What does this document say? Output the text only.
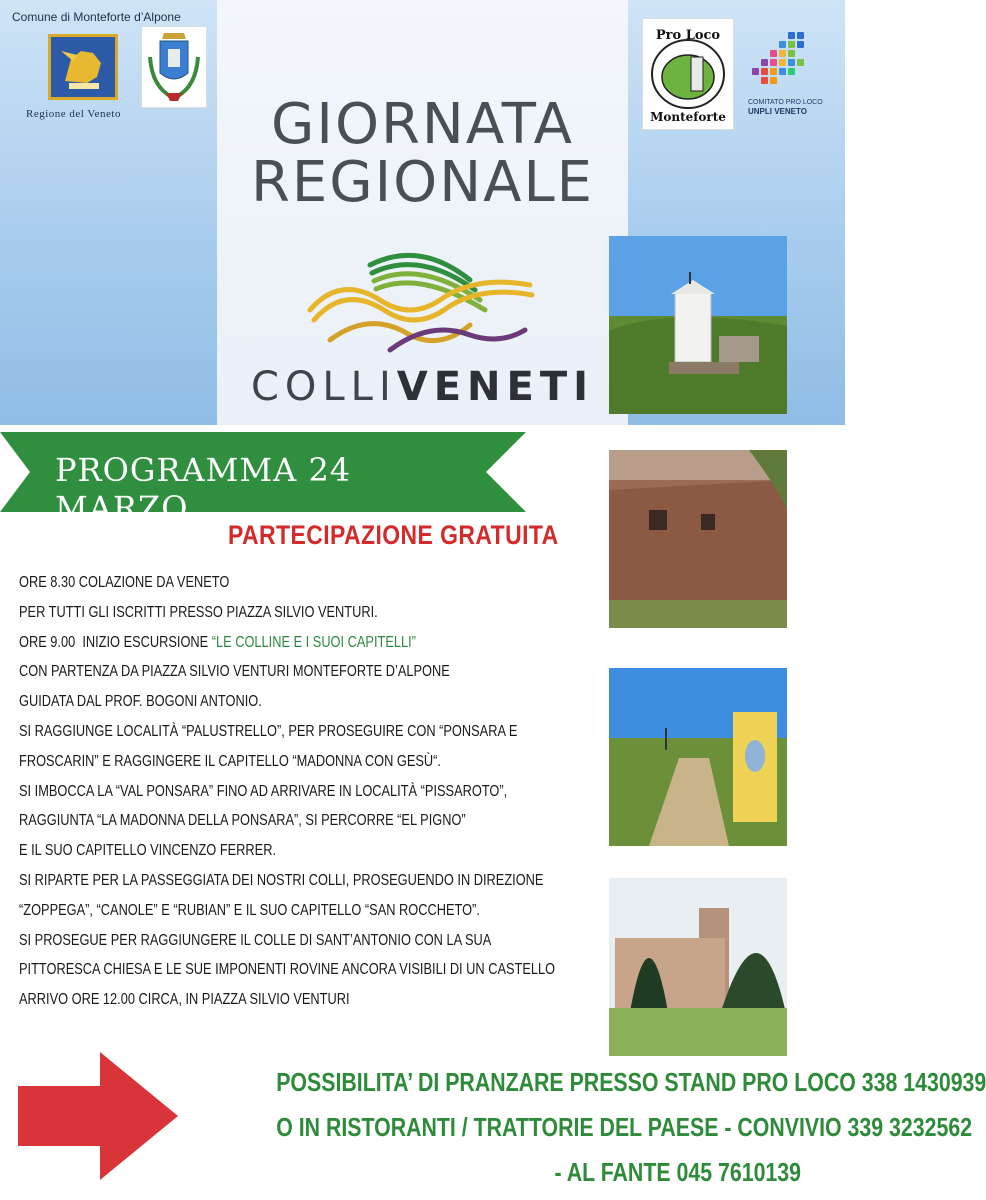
Comune di Monteforte d’Alpone
Regione del Veneto
Pro Loco
Monteforte
COMITATO PRO LOCO
UNPLI VENETO
GIORNATA
REGIONALE
COLLIVENETI
PROGRAMMA 24 MARZO
PARTECIPAZIONE GRATUITA
ORE 8.30 COLAZIONE DA VENETO
PER TUTTI GLI ISCRITTI PRESSO PIAZZA SILVIO VENTURI.
ORE 9.00  INIZIO ESCURSIONE “LE COLLINE E I SUOI CAPITELLI”
CON PARTENZA DA PIAZZA SILVIO VENTURI MONTEFORTE D’ALPONE
GUIDATA DAL PROF. BOGONI ANTONIO.
SI RAGGIUNGE LOCALITÀ “PALUSTRELLO”, PER PROSEGUIRE CON “PONSARA E
FROSCARIN” E RAGGINGERE IL CAPITELLO “MADONNA CON GESÙ“.
SI IMBOCCA LA “VAL PONSARA” FINO AD ARRIVARE IN LOCALITÀ “PISSAROTO”,
RAGGIUNTA “LA MADONNA DELLA PONSARA”, SI PERCORRE “EL PIGNO”
E IL SUO CAPITELLO VINCENZO FERRER.
SI RIPARTE PER LA PASSEGGIATA DEI NOSTRI COLLI, PROSEGUENDO IN DIREZIONE
“ZOPPEGA”, “CANOLE” E “RUBIAN” E IL SUO CAPITELLO “SAN ROCCHETO”.
SI PROSEGUE PER RAGGIUNGERE IL COLLE DI SANT’ANTONIO CON LA SUA
PITTORESCA CHIESA E LE SUE IMPONENTI ROVINE ANCORA VISIBILI DI UN CASTELLO
ARRIVO ORE 12.00 CIRCA, IN PIAZZA SILVIO VENTURI
POSSIBILITA’ DI PRANZARE PRESSO STAND PRO LOCO 338 1430939
O IN RISTORANTI / TRATTORIE DEL PAESE - CONVIVIO 339 3232562
- AL FANTE 045 7610139
